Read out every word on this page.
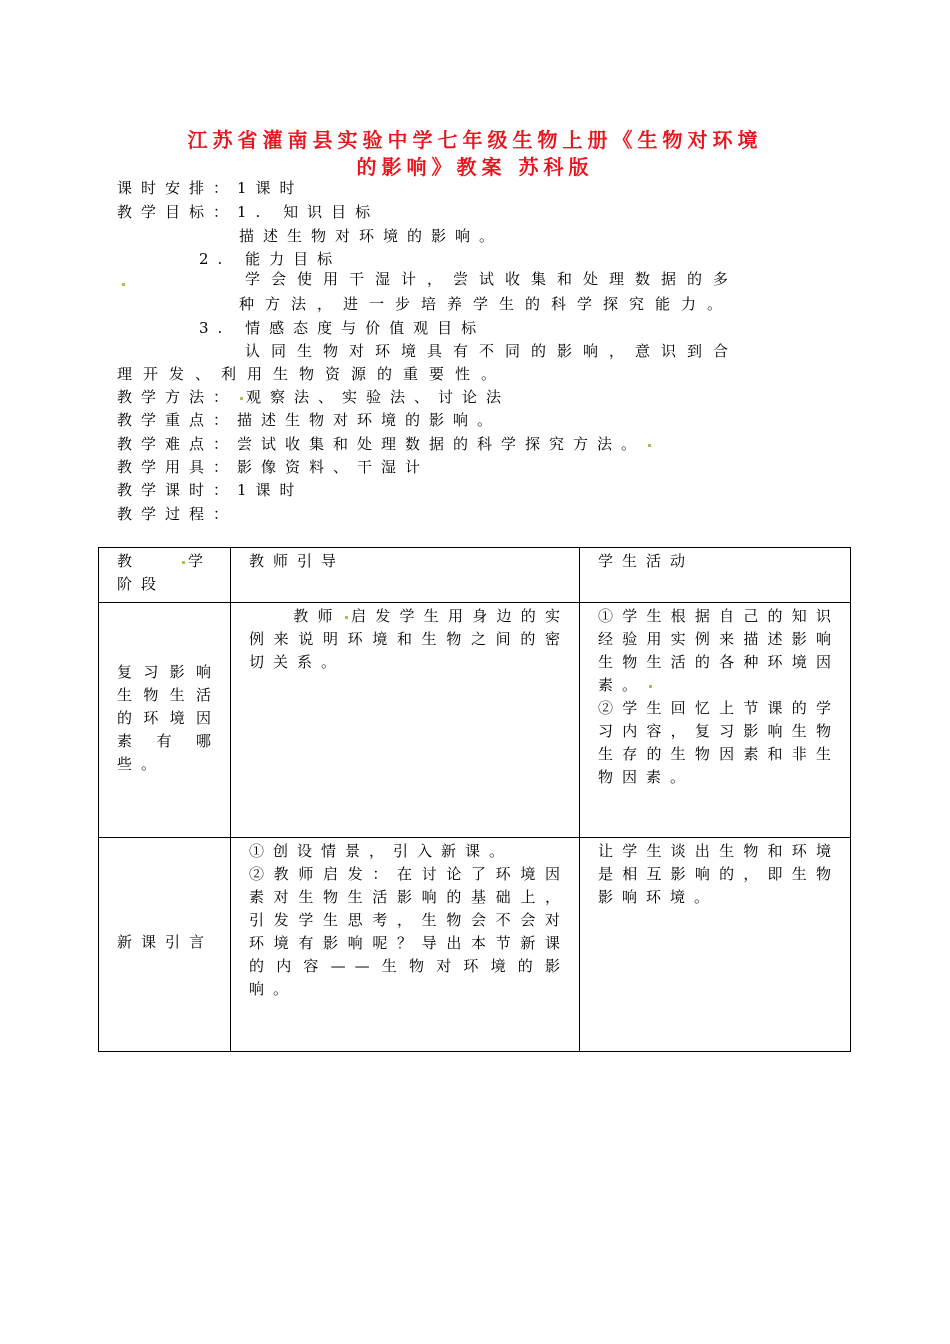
江苏省灌南县实验中学七年级生物上册《生物对环境
的影响》教案 苏科版
课时安排：1课时
教学目标：1. 知识目标
描述生物对环境的影响。
2. 能力目标
学会使用干湿计，尝试收集和处理数据的多
种方法，进一步培养学生的科学探究能力。
3. 情感态度与价值观目标
认同生物对环境具有不同的影响，意识到合
理开发、利用生物资源的重要性。
教学方法： 观察法、实验法、讨论法
教学重点：描述生物对环境的影响。
教学难点：尝试收集和处理数据的科学探究方法。
教学用具：影像资料、干湿计
教学课时：1课时
教学过程：
教 学
阶段	教师引导	学生活动
复习影响生物生活的环境因素有哪些。	教师 启发学生用身边的实例来说明环境和生物之间的密切关系。	①学生根据自己的知识经验用实例来描述影响生物生活的各种环境因素。
②学生回忆上节课的学习内容，复习影响生物生存的生物因素和非生物因素。

新课引言	①创设情景，引入新课。
②教师启发：在讨论了环境因素对生物生活影响的基础上，引发学生思考，生物会不会对环境有影响呢？导出本节新课的内容——生物对环境的影响。	让学生谈出生物和环境是相互影响的，即生物影响环境。
